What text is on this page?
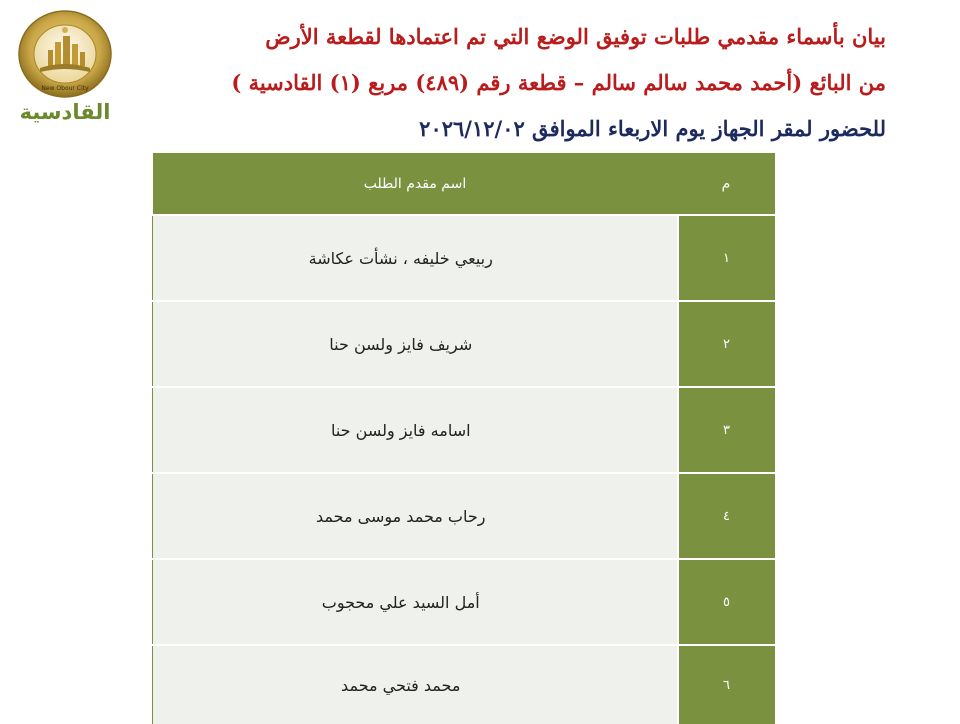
New Obour City
القادسية
بيان بأسماء مقدمي طلبات توفيق الوضع التي تم اعتمادها لقطعة الأرض
من البائع (أحمد محمد سالم سالم – قطعة رقم (٤٨٩) مربع (١) القادسية )
للحضور لمقر الجهاز يوم الاربعاء الموافق ٢٠٢٦/١٢/٠٢
اسم مقدم الطلب	م
ربيعي خليفه ، نشأت عكاشة	١
شريف فايز ولسن حنا	٢
اسامه فايز ولسن حنا	٣
رحاب محمد موسى محمد	٤
أمل السيد علي محجوب	٥
محمد فتحي محمد	٦
